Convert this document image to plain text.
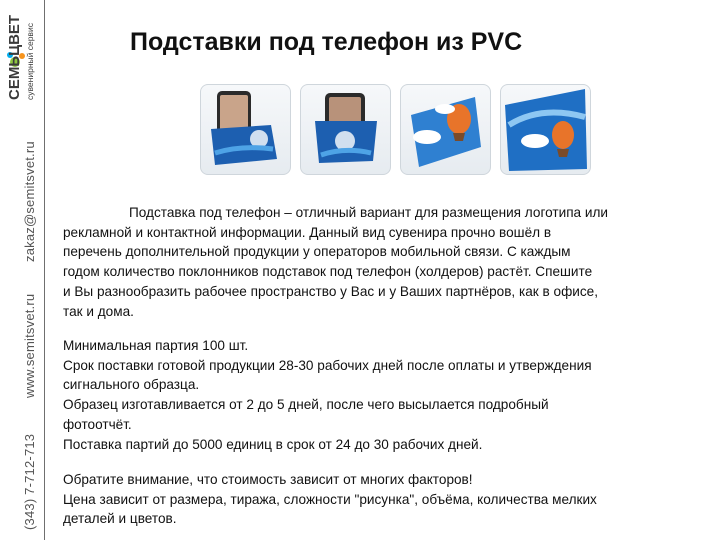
СЕМЬЦВЕТ сувенирный сервис
zakaz@semitsvet.ru
www.semitsvet.ru
(343) 7-712-713
Подставки под телефон из PVC
Подставка под телефон – отличный вариант для размещения логотипа или
рекламной и контактной информации. Данный вид сувенира прочно вошёл в
перечень дополнительной продукции у операторов мобильной связи. С каждым
годом количество поклонников подставок под телефон (холдеров) растёт. Спешите
и Вы разнообразить рабочее пространство у Вас и у Ваших партнёров, как в офисе,
так и дома.
Минимальная партия 100 шт.
Срок поставки готовой продукции 28-30 рабочих дней после оплаты и утверждения
сигнального образца.
Образец изготавливается от 2 до 5 дней, после чего высылается подробный
фотоотчёт.
Поставка партий до 5000 единиц в срок от 24 до 30 рабочих дней.
Обратите внимание, что стоимость зависит от многих факторов!
Цена зависит от размера, тиража, сложности "рисунка", объёма, количества мелких
деталей и цветов.
